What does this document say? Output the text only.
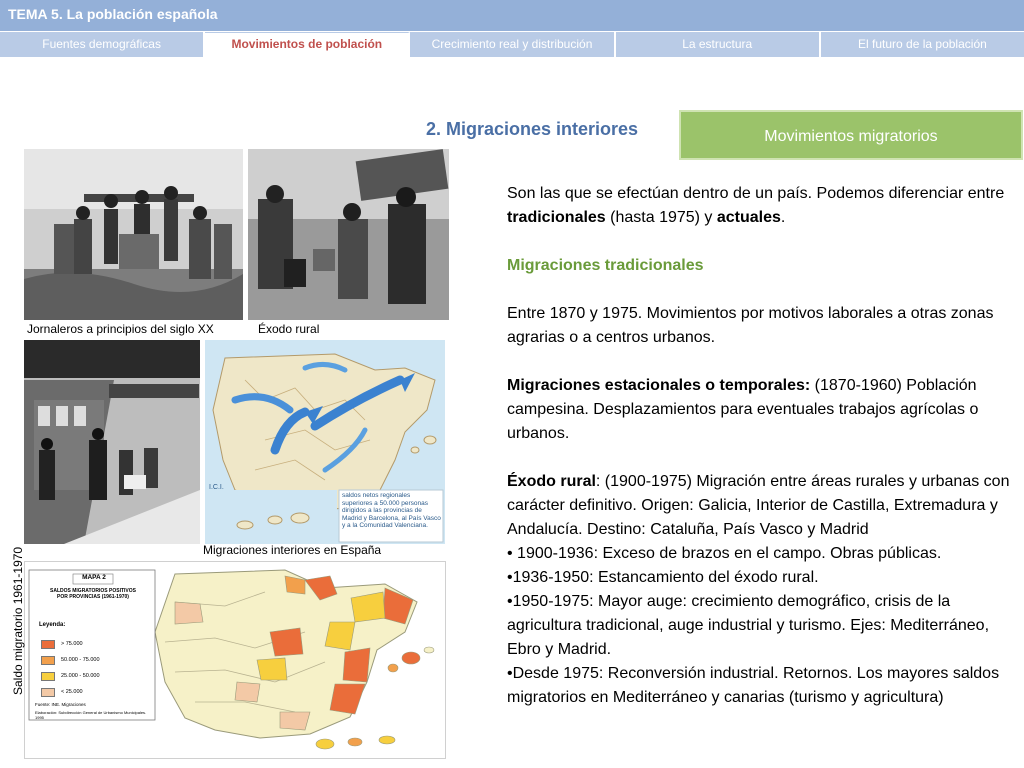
TEMA 5. La población española
Fuentes demográficas	Movimientos de población	Crecimiento real y distribución	La estructura	El futuro de la población
2. Migraciones interiores	Movimientos migratorios
Jornaleros a principios del siglo XX	Éxodo rural
saldos netos regionales superiores a 50.000 personas dirigidos a las provincias de Madrid y Barcelona, al País Vasco y a la Comunidad Valenciana.
I.C.I.
Migraciones interiores en España
MAPA 2
SALDOS MIGRATORIOS POSITIVOS POR PROVINCIAS (1961-1970)
Leyenda:
> 75.000
50.000 - 75.000
25.000 - 50.000
< 25.000
Fuente: INE. Migraciones
Elaboración: Subdirección General de Urbanismo Municipales. 1995
Saldo migratorio 1961-1970

Son las que se efectúan dentro de un país. Podemos diferenciar entre tradicionales (hasta 1975) y actuales.

Migraciones tradicionales

Entre 1870 y 1975. Movimientos por motivos laborales a otras zonas agrarias o a centros urbanos.

Migraciones estacionales o temporales: (1870-1960) Población campesina. Desplazamientos para eventuales trabajos agrícolas o urbanos.

Éxodo rural: (1900-1975) Migración entre áreas rurales y urbanas con carácter definitivo. Origen: Galicia, Interior de Castilla, Extremadura y Andalucía. Destino: Cataluña, País Vasco y Madrid

• 1900-1936: Exceso de brazos en el campo. Obras públicas.

•1936-1950: Estancamiento del éxodo rural.

•1950-1975: Mayor auge: crecimiento demográfico, crisis de la agricultura tradicional, auge industrial y turismo. Ejes: Mediterráneo, Ebro y Madrid.

•Desde 1975: Reconversión industrial. Retornos. Los mayores saldos migratorios en Mediterráneo y canarias (turismo y agricultura)
